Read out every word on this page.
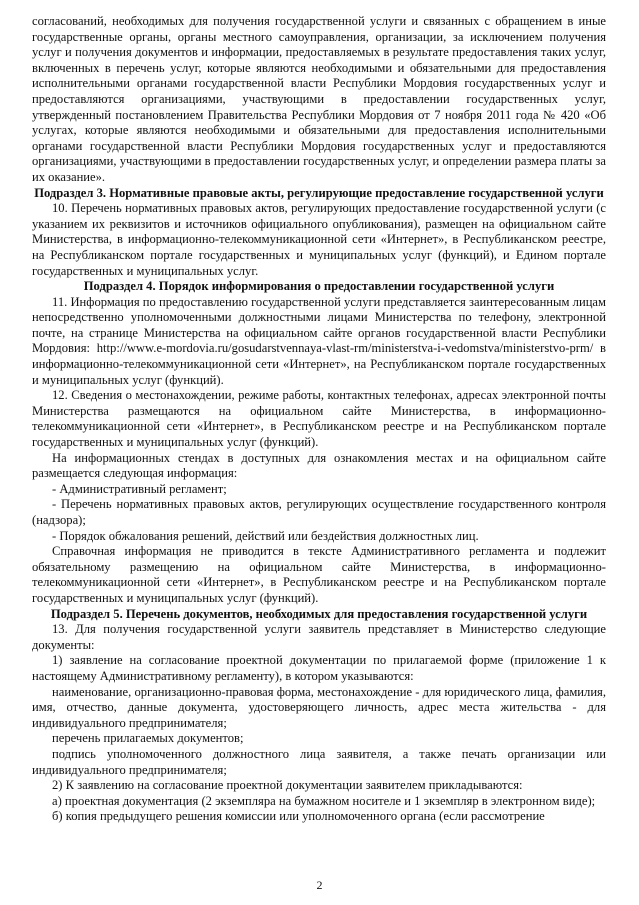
согласований, необходимых для получения государственной услуги и связанных с обращением в иные государственные органы, органы местного самоуправления, организации, за исключением получения услуг и получения документов и информации, предоставляемых в результате предоставления таких услуг, включенных в перечень услуг, которые являются необходимыми и обязательными для предоставления исполнительными органами государственной власти Республики Мордовия государственных услуг и предоставляются организациями, участвующими в предоставлении государственных услуг, утвержденный постановлением Правительства Республики Мордовия от 7 ноября 2011 года № 420 «Об услугах, которые являются необходимыми и обязательными для предоставления исполнительными органами государственной власти Республики Мордовия государственных услуг и предоставляются организациями, участвующими в предоставлении государственных услуг, и определении размера платы за их оказание».

Подраздел 3. Нормативные правовые акты, регулирующие предоставление государственной услуги

10. Перечень нормативных правовых актов, регулирующих предоставление государственной услуги (с указанием их реквизитов и источников официального опубликования), размещен на официальном сайте Министерства, в информационно-телекоммуникационной сети «Интернет», в Республиканском реестре, на Республиканском портале государственных и муниципальных услуг (функций), и Едином портале государственных и муниципальных услуг.

Подраздел 4. Порядок информирования о предоставлении государственной услуги

11. Информация по предоставлению государственной услуги представляется заинтересованным лицам непосредственно уполномоченными должностными лицами Министерства по телефону, электронной почте, на странице Министерства на официальном сайте органов государственной власти Республики Мордовия: http://www.e-mordovia.ru/gosudarstvennaya-vlast-rm/ministerstva-i-vedomstva/ministerstvo-prm/ в информационно-телекоммуникационной сети «Интернет», на Республиканском портале государственных и муниципальных услуг (функций).

12. Сведения о местонахождении, режиме работы, контактных телефонах, адресах электронной почты Министерства размещаются на официальном сайте Министерства, в информационно-телекоммуникационной сети «Интернет», в Республиканском реестре и на Республиканском портале государственных и муниципальных услуг (функций).

На информационных стендах в доступных для ознакомления местах и на официальном сайте размещается следующая информация:

- Административный регламент;

- Перечень нормативных правовых актов, регулирующих осуществление государственного контроля (надзора);

- Порядок обжалования решений, действий или бездействия должностных лиц.

Справочная информация не приводится в тексте Административного регламента и подлежит обязательному размещению на официальном сайте Министерства, в информационно-телекоммуникационной сети «Интернет», в Республиканском реестре и на Республиканском портале государственных и муниципальных услуг (функций).

Подраздел 5. Перечень документов, необходимых для предоставления государственной услуги

13. Для получения государственной услуги заявитель представляет в Министерство следующие документы:

1) заявление на согласование проектной документации по прилагаемой форме (приложение 1 к настоящему Административному регламенту), в котором указываются:

наименование, организационно-правовая форма, местонахождение - для юридического лица, фамилия, имя, отчество, данные документа, удостоверяющего личность, адрес места жительства - для индивидуального предпринимателя;

перечень прилагаемых документов;

подпись уполномоченного должностного лица заявителя, а также печать организации или индивидуального предпринимателя;

2) К заявлению на согласование проектной документации заявителем прикладываются:

а) проектная документация (2 экземпляра на бумажном носителе и 1 экземпляр в электронном виде);

б) копия предыдущего решения комиссии или уполномоченного органа (если рассмотрение

2
